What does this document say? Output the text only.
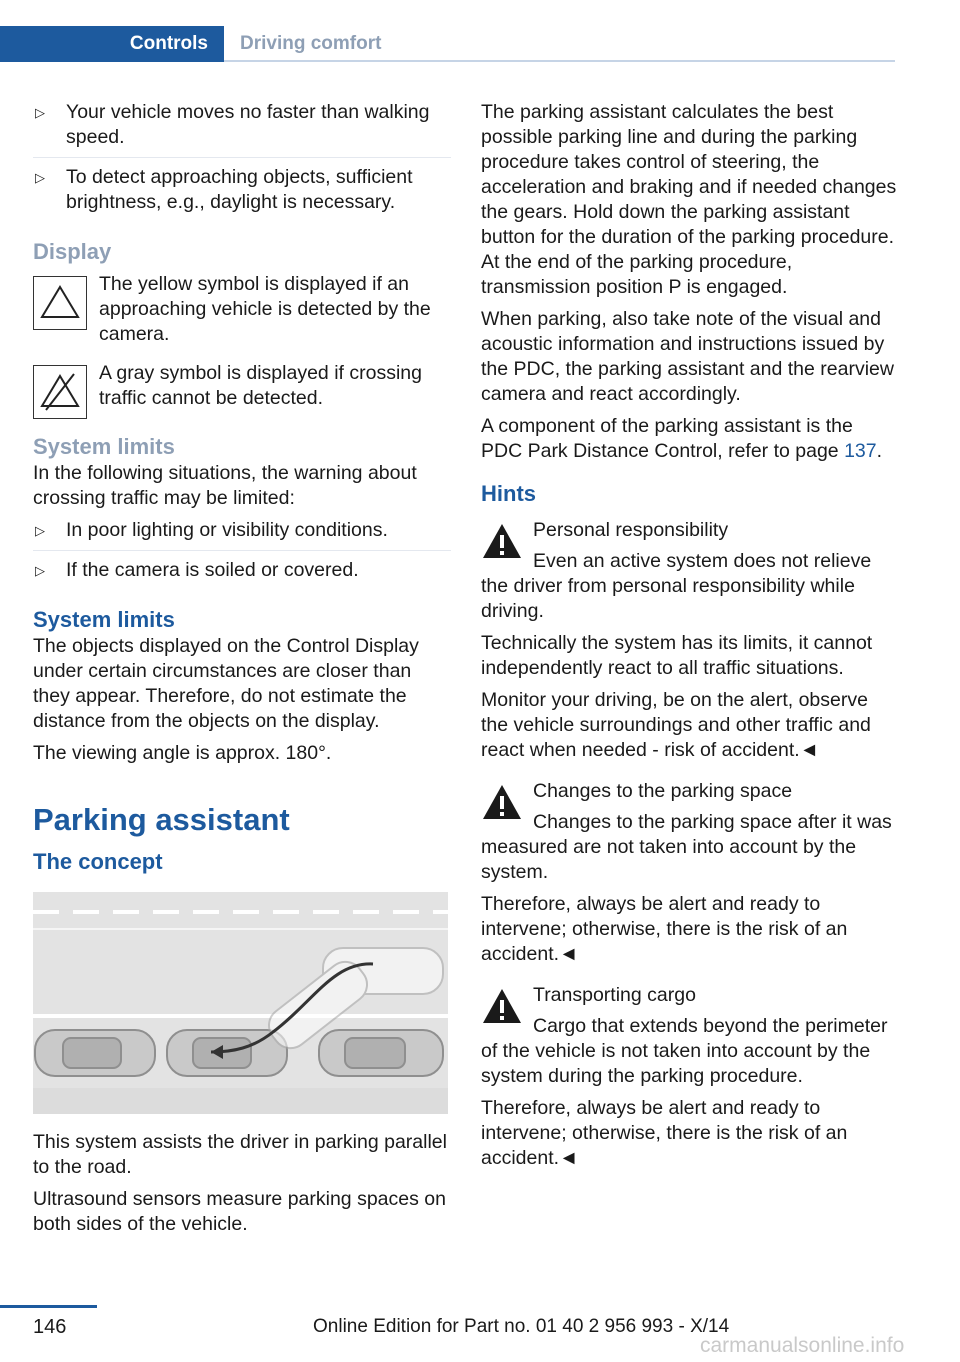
Controls	Driving comfort
▷ Your vehicle moves no faster than walking speed.
▷ To detect approaching objects, sufficient brightness, e.g., daylight is necessary.
Display

The yellow symbol is displayed if an approaching vehicle is detected by the camera.

A gray symbol is displayed if crossing traffic cannot be detected.

System limits

In the following situations, the warning about crossing traffic may be limited:

▷ In poor lighting or visibility conditions.
▷ If the camera is soiled or covered.
System limits

The objects displayed on the Control Display under certain circumstances are closer than they appear. Therefore, do not estimate the distance from the objects on the display.

The viewing angle is approx. 180°.

Parking assistant
The concept

This system assists the driver in parking parallel to the road.

Ultrasound sensors measure parking spaces on both sides of the vehicle.

The parking assistant calculates the best possible parking line and during the parking procedure takes control of steering, the acceleration and braking and if needed changes the gears. Hold down the parking assistant button for the duration of the parking procedure. At the end of the parking procedure, transmission position P is engaged.

When parking, also take note of the visual and acoustic information and instructions issued by the PDC, the parking assistant and the rearview camera and react accordingly.

A component of the parking assistant is the PDC Park Distance Control, refer to page 137.

Hints
Personal responsibility

Even an active system does not relieve the driver from personal responsibility while driving.

Technically the system has its limits, it cannot independently react to all traffic situations.

Monitor your driving, be on the alert, observe the vehicle surroundings and other traffic and react when needed - risk of accident.◄

Changes to the parking space

Changes to the parking space after it was measured are not taken into account by the system.

Therefore, always be alert and ready to intervene; otherwise, there is the risk of an accident.◄

Transporting cargo

Cargo that extends beyond the perimeter of the vehicle is not taken into account by the system during the parking procedure.

Therefore, always be alert and ready to intervene; otherwise, there is the risk of an accident.◄

146	Online Edition for Part no. 01 40 2 956 993 - X/14
carmanualsonline.info
